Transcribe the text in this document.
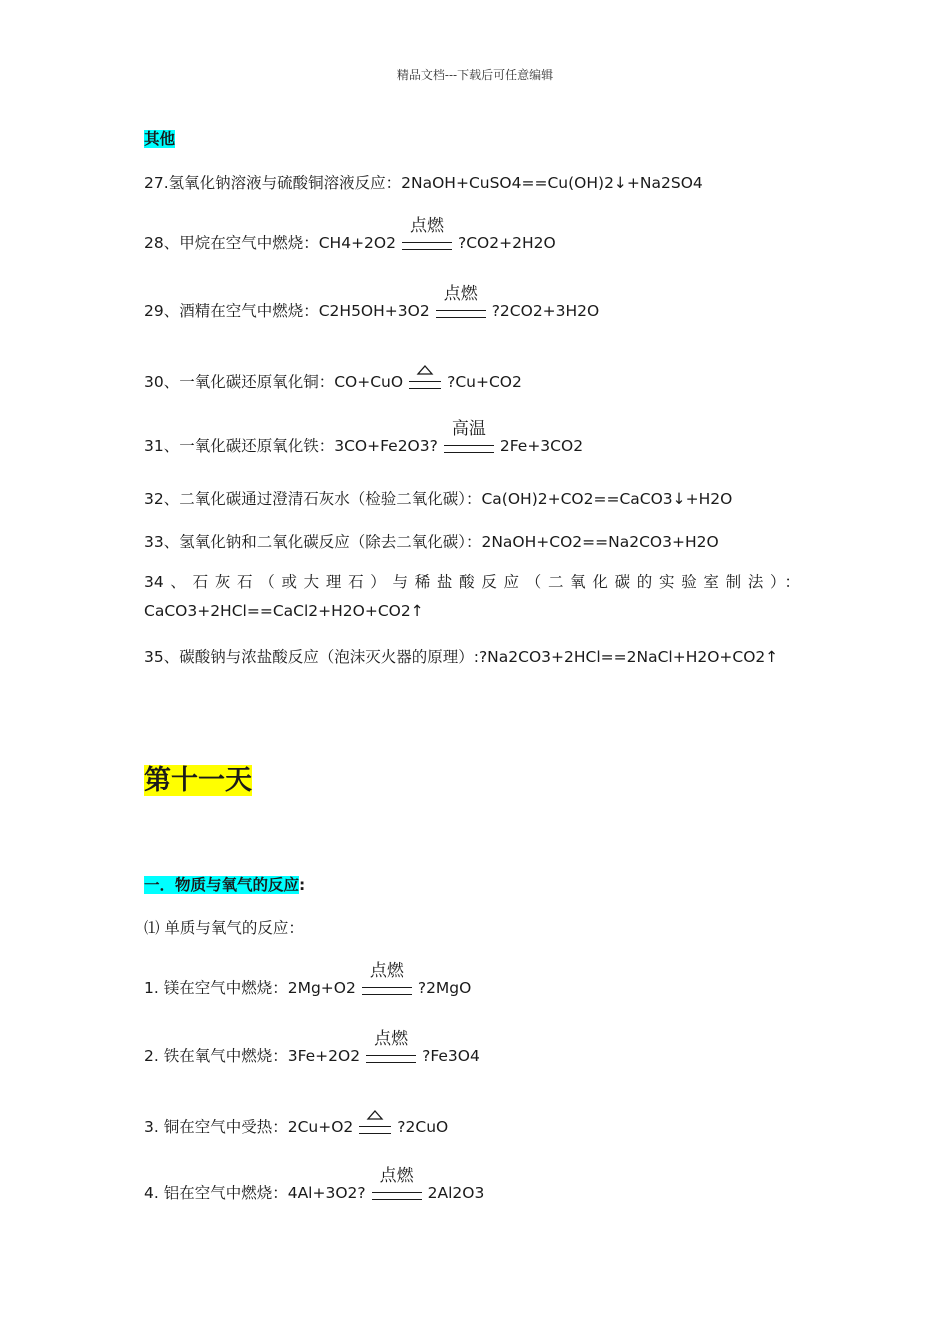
精品文档---下载后可任意编辑
其他
27.氢氧化钠溶液与硫酸铜溶液反应：2NaOH+CuSO4==Cu(OH)2↓+Na2SO4
28、甲烷在空气中燃烧：CH4+2O2
点燃
?CO2+2H2O
29、酒精在空气中燃烧：C2H5OH+3O2
点燃
?2CO2+3H2O
30、一氧化碳还原氧化铜：CO+CuO	?Cu+CO2
31、一氧化碳还原氧化铁：3CO+Fe2O3?
高温
2Fe+3CO2
32、二氧化碳通过澄清石灰水（检验二氧化碳）：Ca(OH)2+CO2==CaCO3↓+H2O
33、氢氧化钠和二氧化碳反应（除去二氧化碳）：2NaOH+CO2==Na2CO3+H2O
34、石灰石（或大理石）与稀盐酸反应（二氧化碳的实验室制法）：
CaCO3+2HCl==CaCl2+H2O+CO2↑
35、碳酸钠与浓盐酸反应（泡沫灭火器的原理）:?Na2CO3+2HCl==2NaCl+H2O+CO2↑
第十一天
一．物质与氧气的反应:
⑴ 单质与氧气的反应：
1. 镁在空气中燃烧：2Mg+O2
点燃
?2MgO
2. 铁在氧气中燃烧：3Fe+2O2
点燃
?Fe3O4
3. 铜在空气中受热：2Cu+O2	?2CuO
4. 铝在空气中燃烧：4Al+3O2?
点燃
2Al2O3
